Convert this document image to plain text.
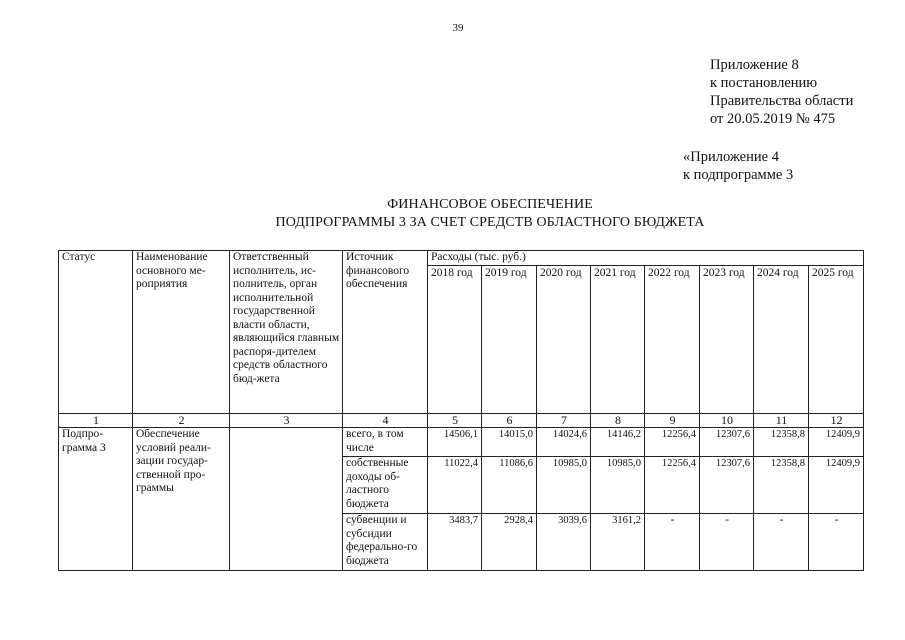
39
Приложение 8
к постановлению
Правительства области
от 20.05.2019 № 475
«Приложение 4
к подпрограмме 3
ФИНАНСОВОЕ ОБЕСПЕЧЕНИЕ
ПОДПРОГРАММЫ 3 ЗА СЧЕТ СРЕДСТВ ОБЛАСТНОГО БЮДЖЕТА
Статус	Наименование основного ме-роприятия	Ответственный исполнитель, ис-полнитель, орган исполнительной государственной власти области, являющийся главным распоря-дителем средств областного бюд-жета	Источник финансового обеспечения	Расходы (тыс. руб.)							
				2018 год	2019 год	2020 год	2021 год	2022 год	2023 год	2024 год	2025 год
1	2	3	4	5	6	7	8	9	10	11	12
Подпро-грамма 3	Обеспечение условий реали-зации государ-ственной про-граммы		всего, в том числе	14506,1	14015,0	14024,6	14146,2	12256,4	12307,6	12358,8	12409,9
			собственные доходы об-ластного бюджета	11022,4	11086,6	10985,0	10985,0	12256,4	12307,6	12358,8	12409,9
			субвенции и субсидии федерально-го бюджета	3483,7	2928,4	3039,6	3161,2	-	-	-	-
